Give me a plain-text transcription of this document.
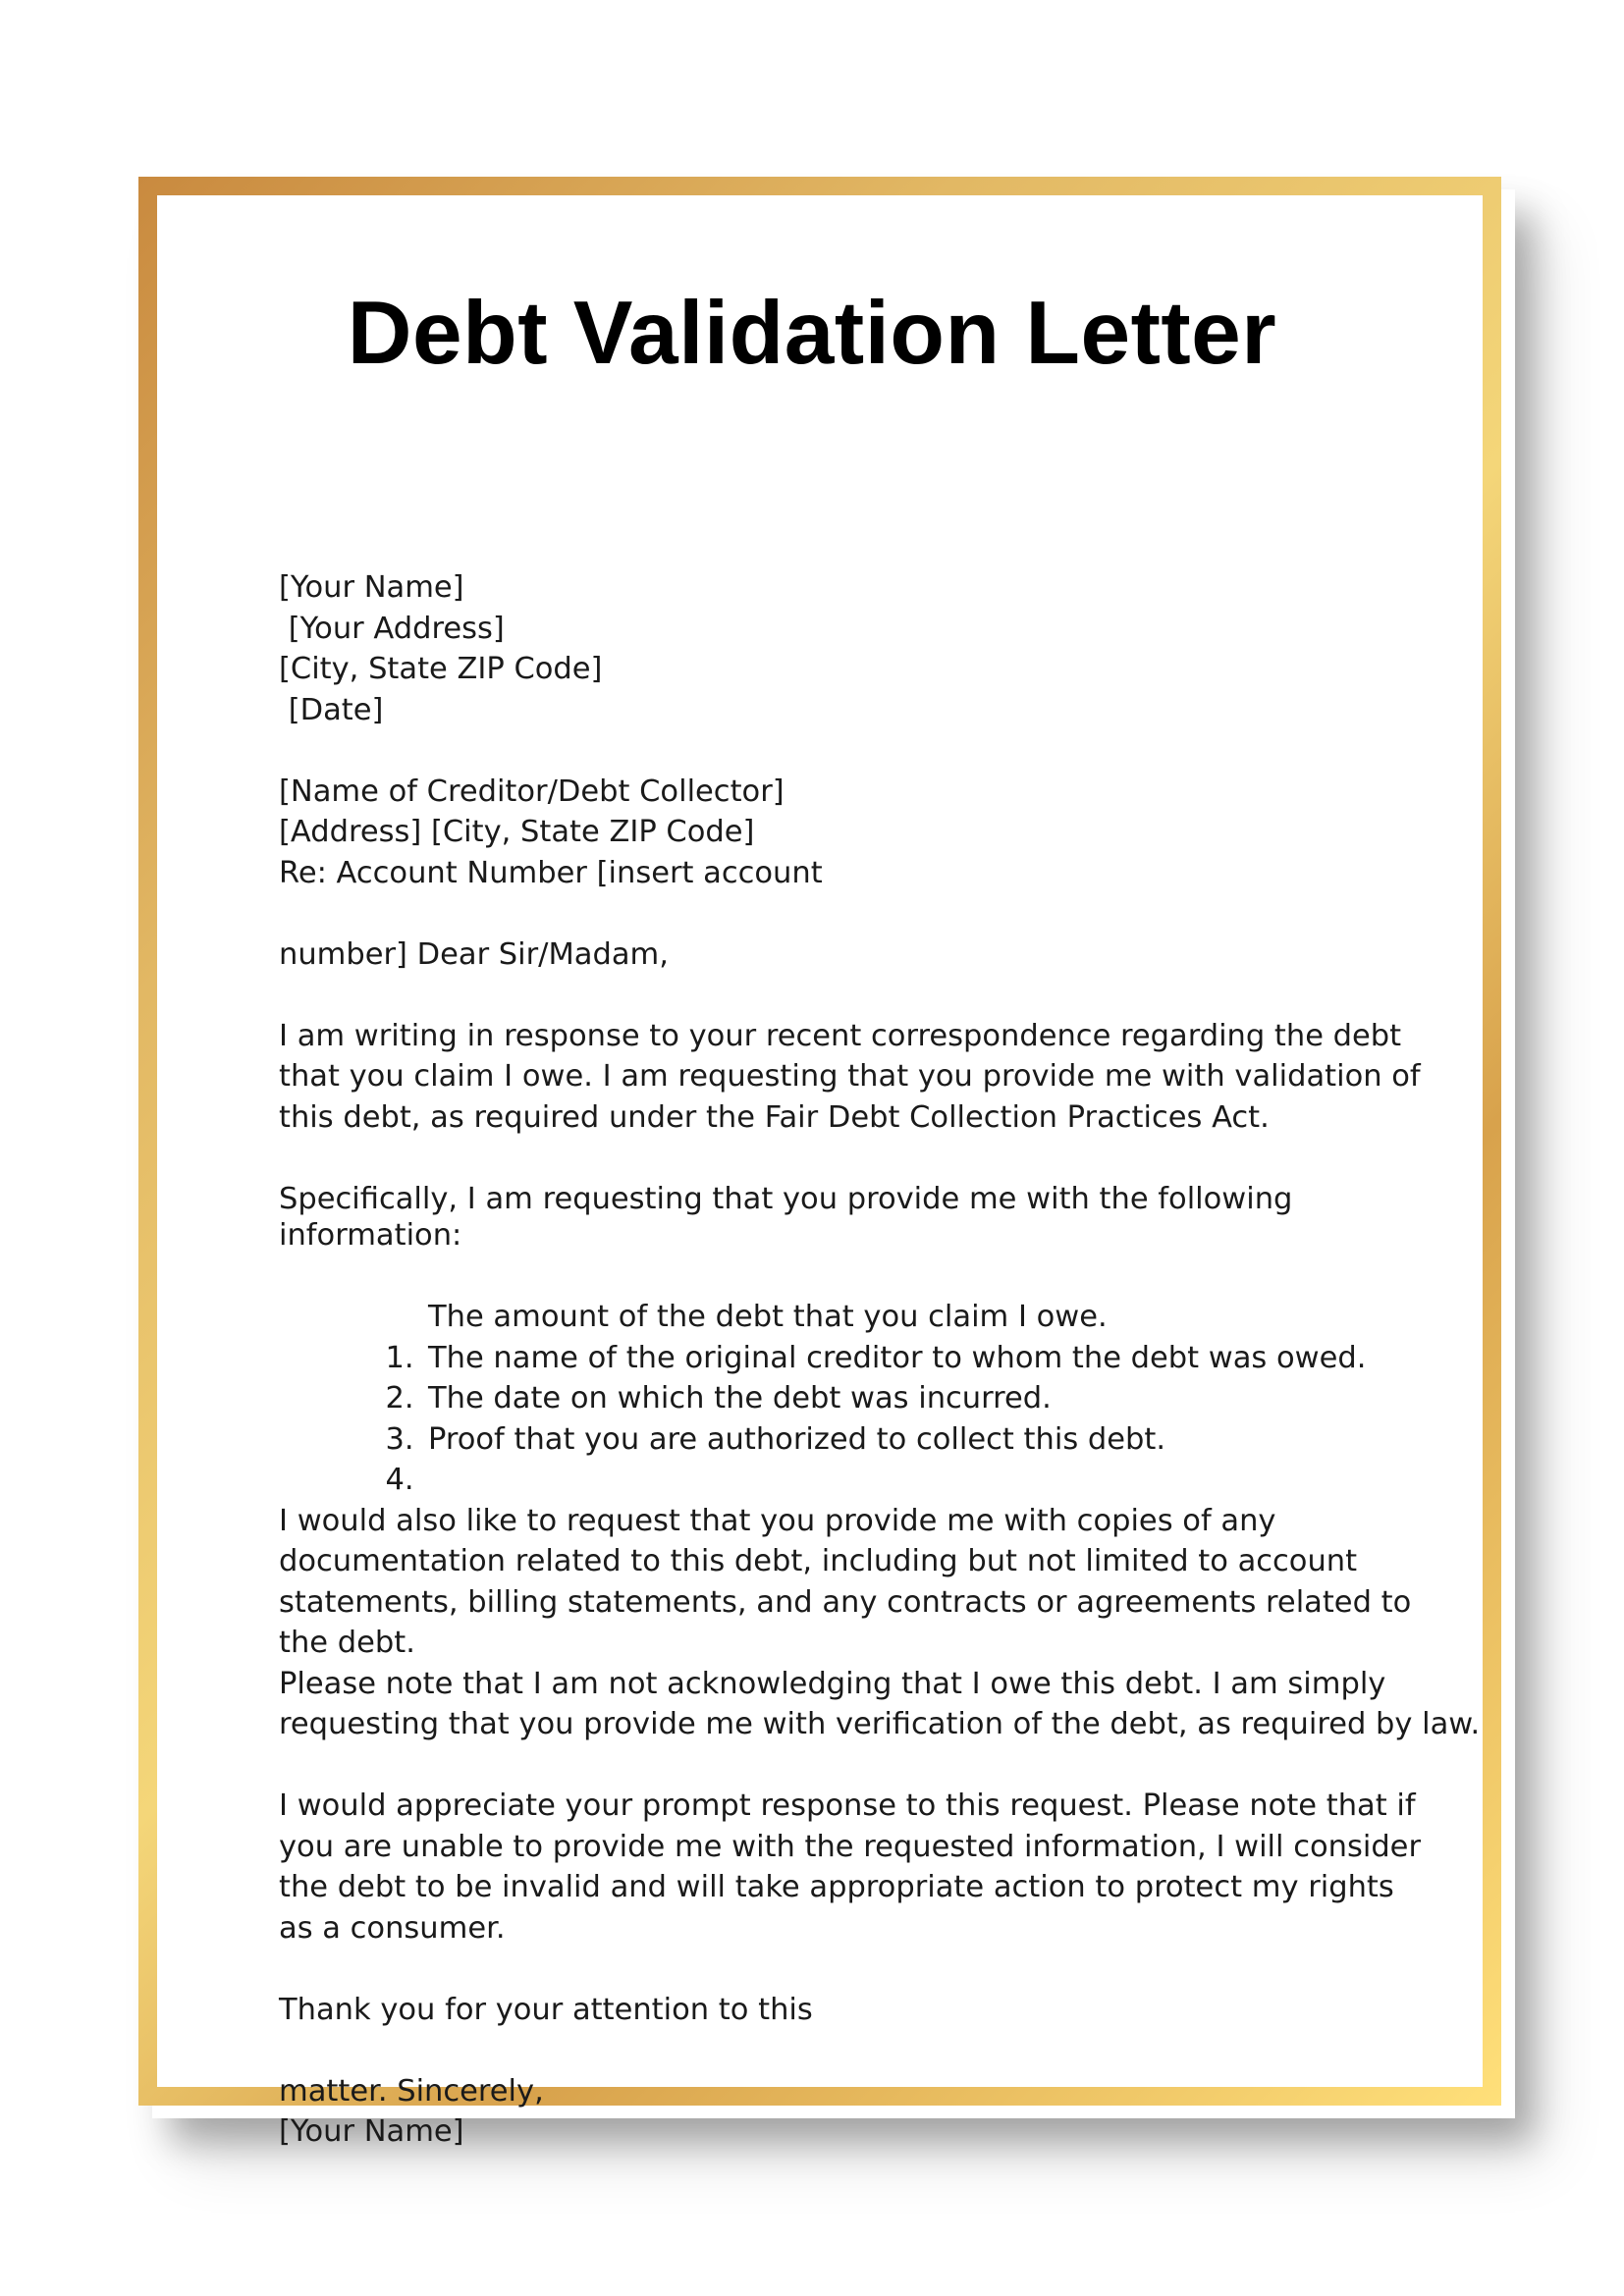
Debt Validation Letter
[Your Name]
[Your Address]
[City, State ZIP Code]
[Date]
[Name of Creditor/Debt Collector]
[Address] [City, State ZIP Code]
Re: Account Number [insert account
number] Dear Sir/Madam,
I am writing in response to your recent correspondence regarding the debt
that you claim I owe. I am requesting that you provide me with validation of
this debt, as required under the Fair Debt Collection Practices Act.
Specifically, I am requesting that you provide me with the following
information:

1.

The amount of the debt that you claim I owe.

2.

The name of the original creditor to whom the debt was owed.

3.

The date on which the debt was incurred.

4.

Proof that you are authorized to collect this debt.

I would also like to request that you provide me with copies of any
documentation related to this debt, including but not limited to account
statements, billing statements, and any contracts or agreements related to
the debt.
Please note that I am not acknowledging that I owe this debt. I am simply
requesting that you provide me with verification of the debt, as required by law.
I would appreciate your prompt response to this request. Please note that if
you are unable to provide me with the requested information, I will consider
the debt to be invalid and will take appropriate action to protect my rights
as a consumer.
Thank you for your attention to this
matter. Sincerely,
[Your Name]
